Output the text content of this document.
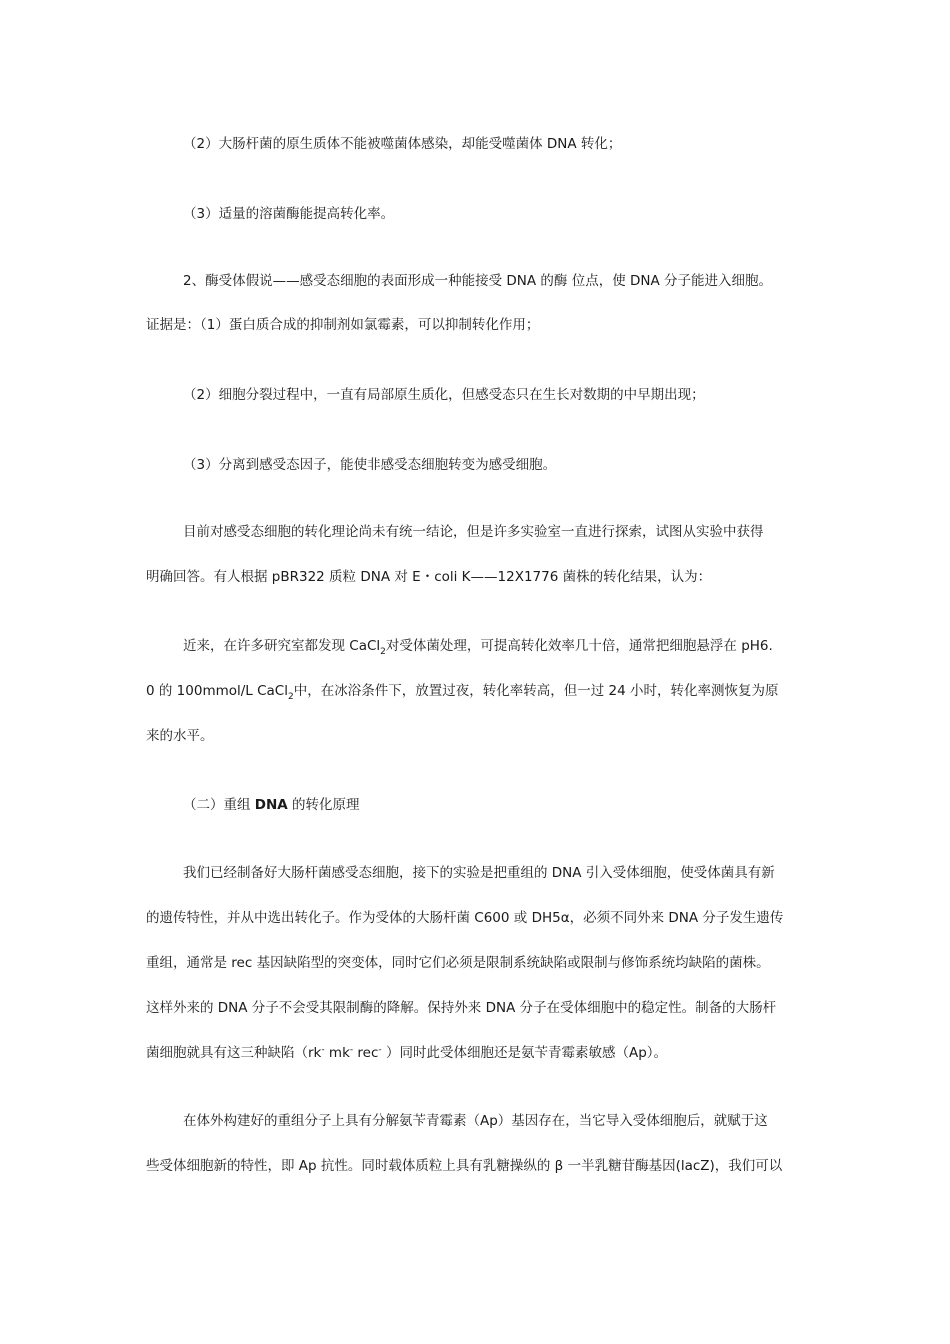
（2）大肠杆菌的原生质体不能被噬菌体感染，却能受噬菌体 DNA 转化；
（3）适量的溶菌酶能提高转化率。
2、酶受体假说——感受态细胞的表面形成一种能接受 DNA 的酶 位点，使 DNA 分子能进入细胞。
证据是：（1）蛋白质合成的抑制剂如氯霉素，可以抑制转化作用；
（2）细胞分裂过程中，一直有局部原生质化，但感受态只在生长对数期的中早期出现；
（3）分离到感受态因子，能使非感受态细胞转变为感受细胞。
目前对感受态细胞的转化理论尚未有统一结论，但是许多实验室一直进行探索，试图从实验中获得
明确回答。有人根据 pBR322 质粒 DNA 对 E・coli K——12X1776 菌株的转化结果，认为：
近来，在许多研究室都发现 CaCl$_2$对受体菌处理，可提高转化效率几十倍，通常把细胞悬浮在 pH6.
0 的 100mmol/L CaCl$_2$中，在冰浴条件下，放置过夜，转化率转高，但一过 24 小时，转化率测恢复为原
来的水平。
（二）重组 DNA 的转化原理
我们已经制备好大肠杆菌感受态细胞，接下的实验是把重组的 DNA 引入受体细胞，使受体菌具有新
的遗传特性，并从中选出转化子。作为受体的大肠杆菌 C600 或 DH5α，必须不同外来 DNA 分子发生遗传
重组，通常是 rec 基因缺陷型的突变体，同时它们必须是限制系统缺陷或限制与修饰系统均缺陷的菌株。
这样外来的 DNA 分子不会受其限制酶的降解。保持外来 DNA 分子在受体细胞中的稳定性。制备的大肠杆
菌细胞就具有这三种缺陷（rk- mk- rec- ）同时此受体细胞还是氨苄青霉素敏感（Ap）。
在体外构建好的重组分子上具有分解氨苄青霉素（Ap）基因存在，当它导入受体细胞后，就赋于这
些受体细胞新的特性，即 Ap 抗性。同时载体质粒上具有乳糖操纵的 β 一半乳糖苷酶基因(lacZ)，我们可以
